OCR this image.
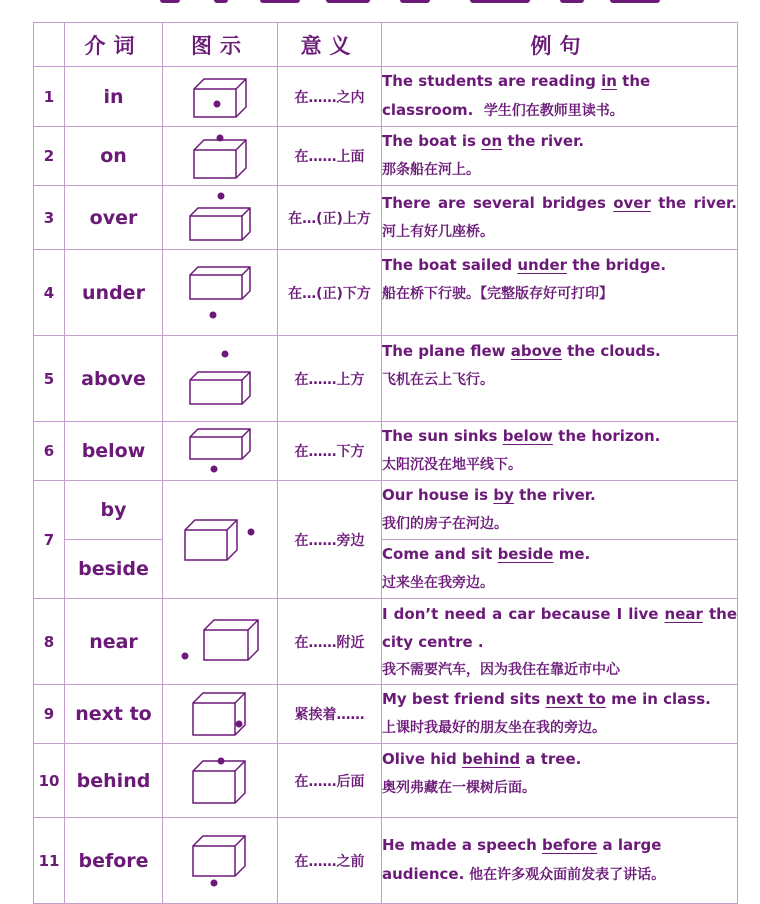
	介词	图示	意义	例句
1	in		在……之内	The students are reading in the
classroom. 学生们在教师里读书。

2	on		在……上面	The boat is on the river.
那条船在河上。

3	over		在…(正)上方	There are several bridges over the river.
河上有好几座桥。

4	under		在…(正)下方	The boat sailed under the bridge.
船在桥下行驶。【完整版存好可打印】

5	above		在……上方	The plane flew above the clouds.
飞机在云上飞行。

6	below		在……下方	The sun sinks below the horizon.
太阳沉没在地平线下。

7	by		在……旁边	Our house is by the river.
我们的房子在河边。

	beside			Come and sit beside me.
过来坐在我旁边。

8	near		在……附近	I don’t need a car because I live near the
city centre .
我不需要汽车，因为我住在靠近市中心

9	next to		紧挨着……	My best friend sits next to me in class.
上课时我最好的朋友坐在我的旁边。

10	behind		在……后面	Olive hid behind a tree.
奥列弗藏在一棵树后面。

11	before		在……之前	He made a speech before a large
audience. 他在许多观众面前发表了讲话。
